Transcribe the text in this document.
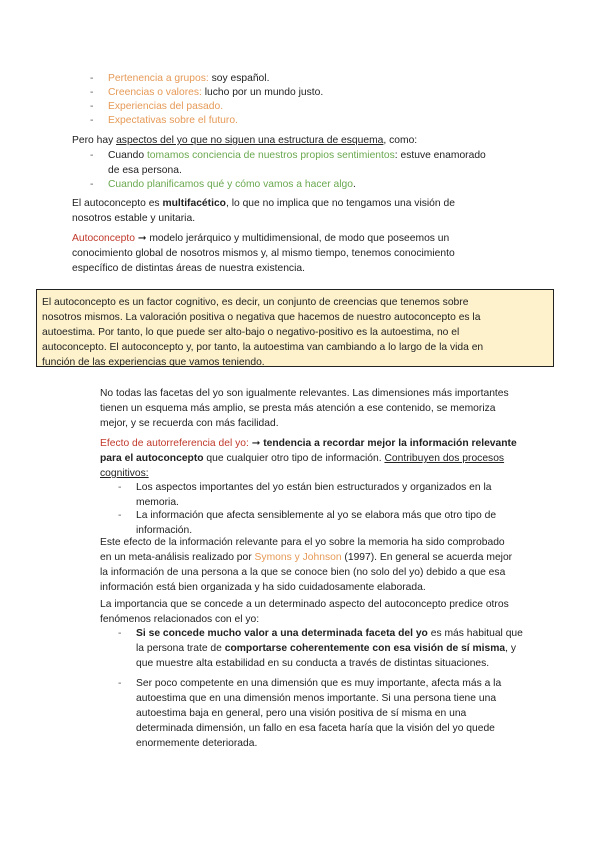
- Pertenencia a grupos: soy español.
- Creencias o valores: lucho por un mundo justo.
- Experiencias del pasado.
- Expectativas sobre el futuro.
Pero hay aspectos del yo que no siguen una estructura de esquema, como:
- Cuando tomamos conciencia de nuestros propios sentimientos: estuve enamorado
de esa persona.
- Cuando planificamos qué y cómo vamos a hacer algo.
El autoconcepto es multifacético, lo que no implica que no tengamos una visión de
nosotros estable y unitaria.
Autoconcepto ➞ modelo jerárquico y multidimensional, de modo que poseemos un
conocimiento global de nosotros mismos y, al mismo tiempo, tenemos conocimiento
específico de distintas áreas de nuestra existencia.
El autoconcepto es un factor cognitivo, es decir, un conjunto de creencias que tenemos sobre
nosotros mismos. La valoración positiva o negativa que hacemos de nuestro autoconcepto es la
autoestima. Por tanto, lo que puede ser alto-bajo o negativo-positivo es la autoestima, no el
autoconcepto. El autoconcepto y, por tanto, la autoestima van cambiando a lo largo de la vida en
función de las experiencias que vamos teniendo.
No todas las facetas del yo son igualmente relevantes. Las dimensiones más importantes
tienen un esquema más amplio, se presta más atención a ese contenido, se memoriza
mejor, y se recuerda con más facilidad.
Efecto de autorreferencia del yo: ➞ tendencia a recordar mejor la información relevante
para el autoconcepto que cualquier otro tipo de información. Contribuyen dos procesos
cognitivos:
- Los aspectos importantes del yo están bien estructurados y organizados en la
memoria.
- La información que afecta sensiblemente al yo se elabora más que otro tipo de
información.
Este efecto de la información relevante para el yo sobre la memoria ha sido comprobado
en un meta-análisis realizado por Symons y Johnson (1997). En general se acuerda mejor
la información de una persona a la que se conoce bien (no solo del yo) debido a que esa
información está bien organizada y ha sido cuidadosamente elaborada.
La importancia que se concede a un determinado aspecto del autoconcepto predice otros
fenómenos relacionados con el yo:
- Si se concede mucho valor a una determinada faceta del yo es más habitual que
la persona trate de comportarse coherentemente con esa visión de sí misma, y
que muestre alta estabilidad en su conducta a través de distintas situaciones.
- Ser poco competente en una dimensión que es muy importante, afecta más a la
autoestima que en una dimensión menos importante. Si una persona tiene una
autoestima baja en general, pero una visión positiva de sí misma en una
determinada dimensión, un fallo en esa faceta haría que la visión del yo quede
enormemente deteriorada.
